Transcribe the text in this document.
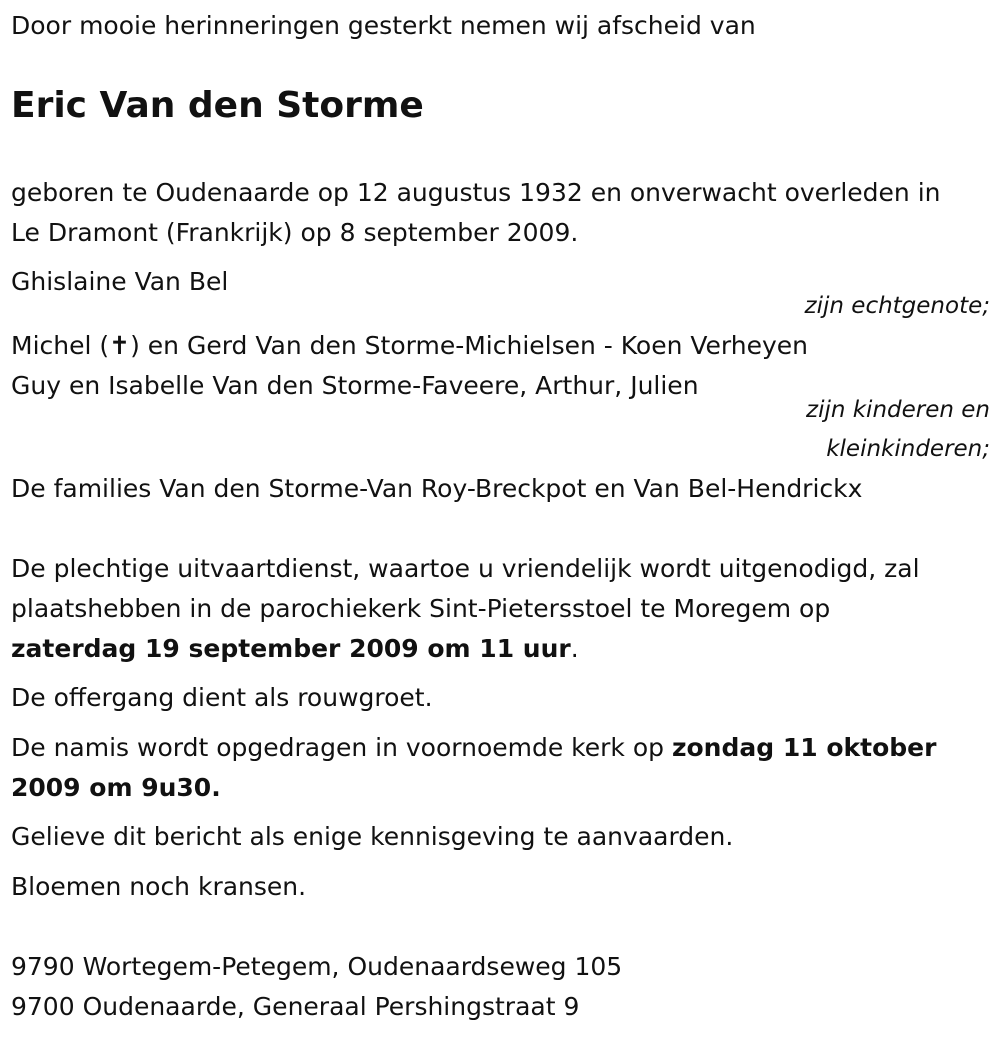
Door mooie herinneringen gesterkt nemen wij afscheid van
Eric Van den Storme
geboren te Oudenaarde op 12 augustus 1932 en onverwacht overleden in
Le Dramont (Frankrijk) op 8 september 2009.
Ghislaine Van Bel
zijn echtgenote;
Michel (✝) en Gerd Van den Storme-Michielsen - Koen Verheyen
Guy en Isabelle Van den Storme-Faveere, Arthur, Julien
zijn kinderen en
kleinkinderen;
De families Van den Storme-Van Roy-Breckpot en Van Bel-Hendrickx
De plechtige uitvaartdienst, waartoe u vriendelijk wordt uitgenodigd, zal
plaatshebben in de parochiekerk Sint-Pietersstoel te Moregem op
zaterdag 19 september 2009 om 11 uur.
De offergang dient als rouwgroet.
De namis wordt opgedragen in voornoemde kerk op zondag 11 oktober
2009 om 9u30.
Gelieve dit bericht als enige kennisgeving te aanvaarden.
Bloemen noch kransen.
9790 Wortegem-Petegem, Oudenaardseweg 105
9700 Oudenaarde, Generaal Pershingstraat 9
